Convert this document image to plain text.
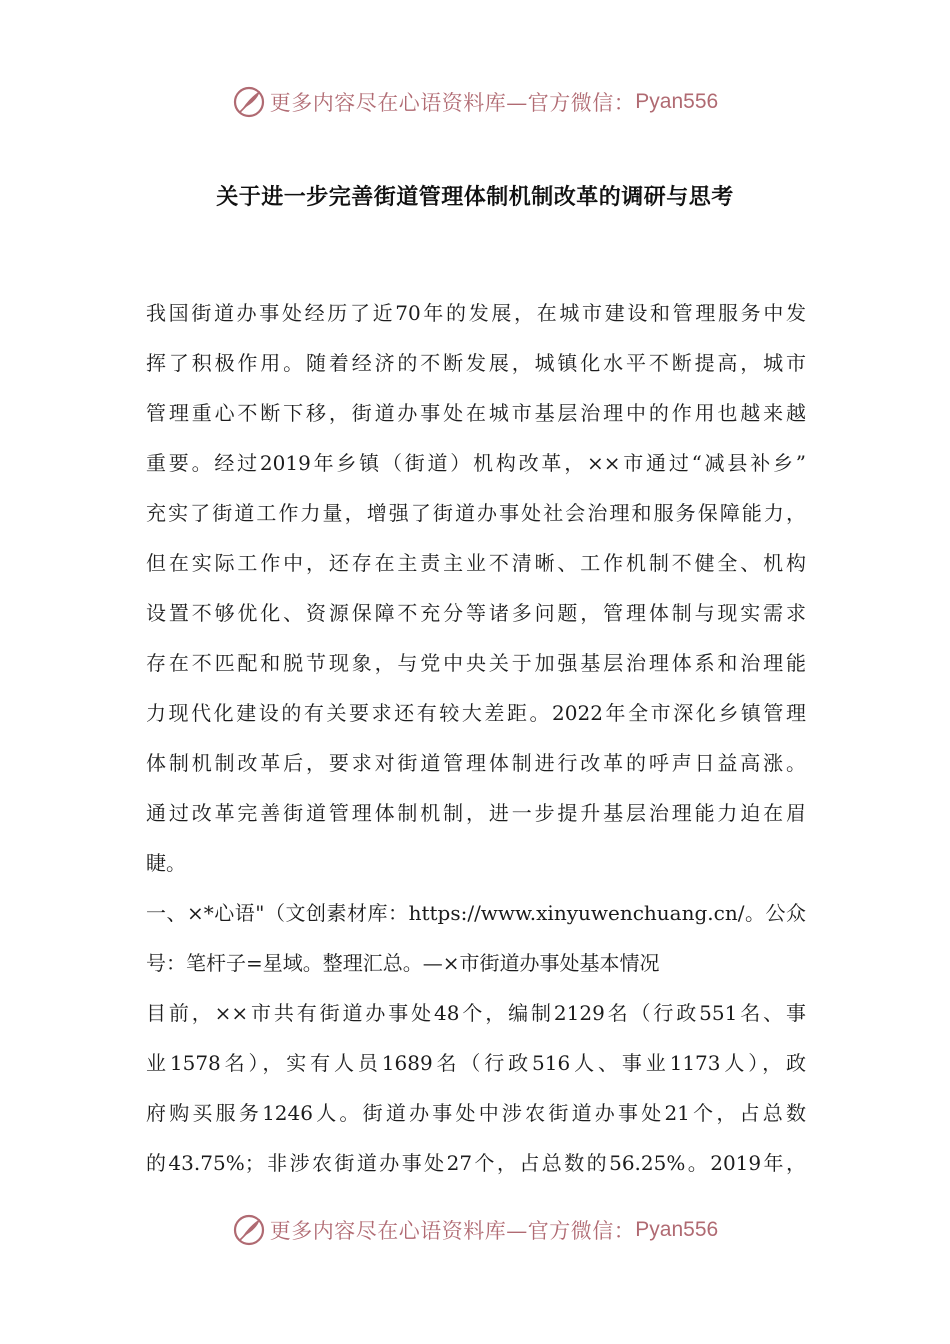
更多内容尽在心语资料库—官方微信： Pyan556
关于进一步完善街道管理体制机制改革的调研与思考
我国街道办事处经历了近70年的发展，在城市建设和管理服务中发
挥了积极作用。随着经济的不断发展，城镇化水平不断提高，城市
管理重心不断下移，街道办事处在城市基层治理中的作用也越来越
重要。经过2019年乡镇（街道）机构改革，××市通过“减县补乡”
充实了街道工作力量，增强了街道办事处社会治理和服务保障能力，
但在实际工作中，还存在主责主业不清晰、工作机制不健全、机构
设置不够优化、资源保障不充分等诸多问题，管理体制与现实需求
存在不匹配和脱节现象，与党中央关于加强基层治理体系和治理能
力现代化建设的有关要求还有较大差距。2022年全市深化乡镇管理
体制机制改革后，要求对街道管理体制进行改革的呼声日益高涨。
通过改革完善街道管理体制机制，进一步提升基层治理能力迫在眉
睫。
一、×*心语"（文创素材库：https://www.xinyuwenchuang.cn/。公众
号：笔杆子=星域。整理汇总。—×市街道办事处基本情况
目前，××市共有街道办事处48个，编制2129名（行政551名、事
业1578名），实有人员1689名（行政516人、事业1173人），政
府购买服务1246人。街道办事处中涉农街道办事处21个，占总数
的43.75%；非涉农街道办事处27个，占总数的56.25%。2019年，
更多内容尽在心语资料库—官方微信： Pyan556
